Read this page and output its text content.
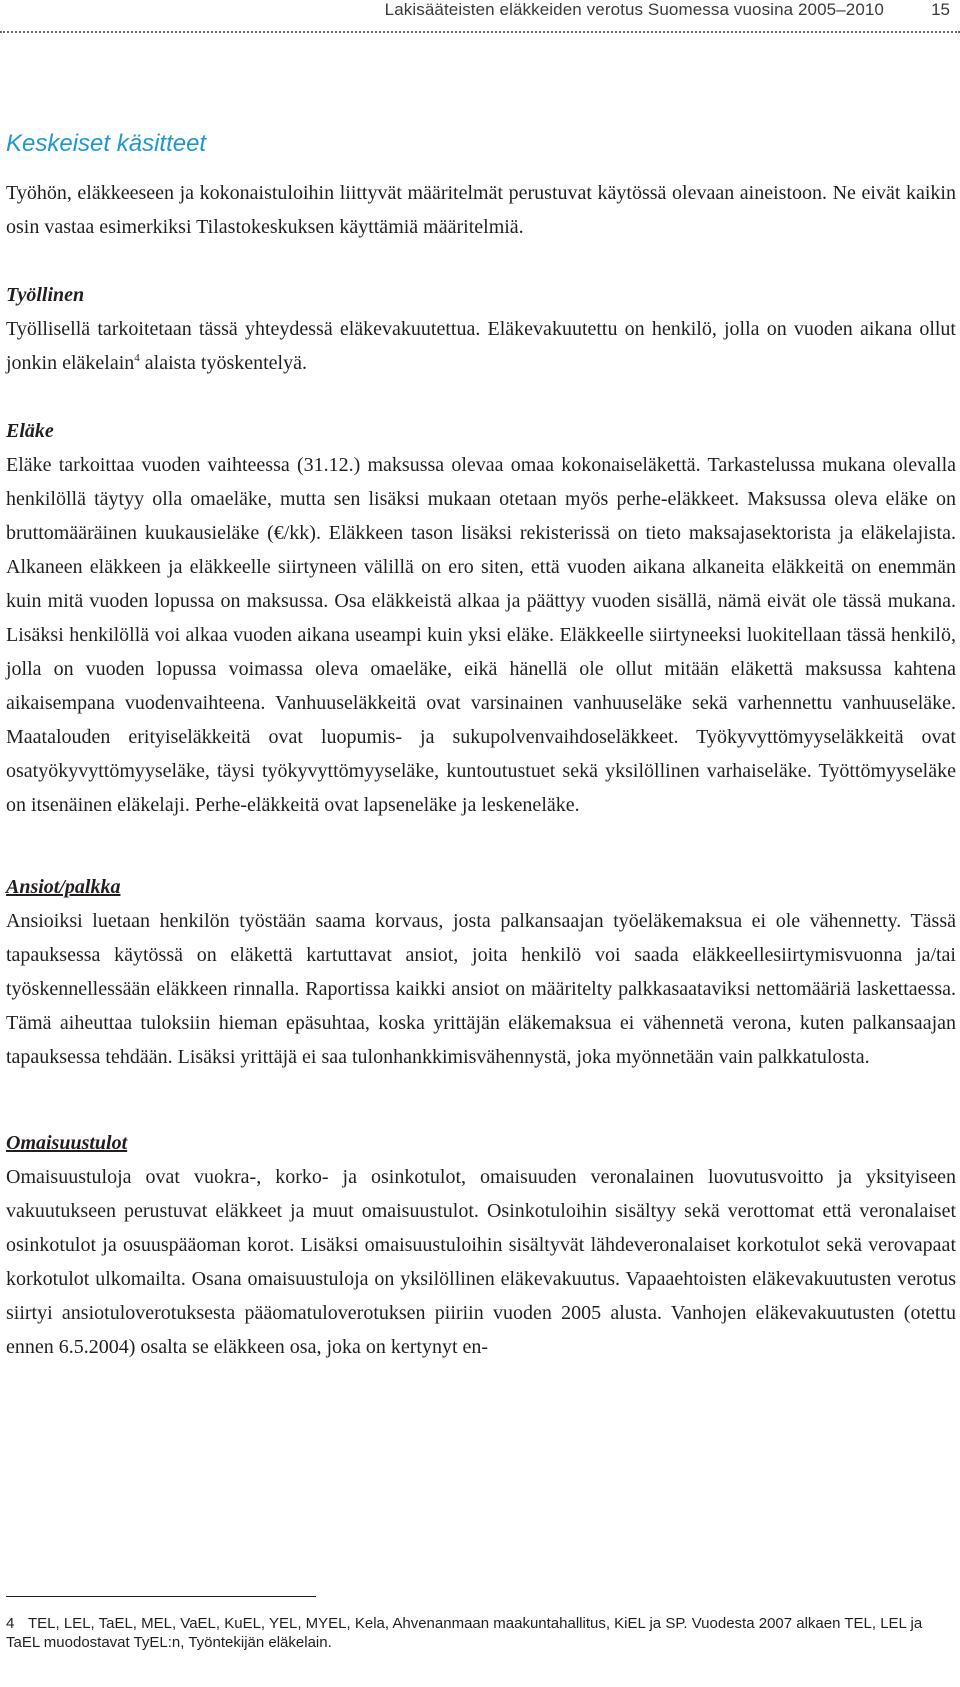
Lakisääteisten eläkkeiden verotus Suomessa vuosina 2005–2010	15
Keskeiset käsitteet

Työhön, eläkkeeseen ja kokonaistuloihin liittyvät määritelmät perustuvat käytössä olevaan aineistoon. Ne eivät kaikin osin vastaa esimerkiksi Tilastokeskuksen käyttämiä määritelmiä.

Työllinen

Työllisellä tarkoitetaan tässä yhteydessä eläkevakuutettua. Eläkevakuutettu on henkilö, jolla on vuoden aikana ollut jonkin eläkelain$^4$ alaista työskentelyä.

Eläke

Eläke tarkoittaa vuoden vaihteessa (31.12.) maksussa olevaa omaa kokonaiseläkettä. Tarkastelussa mukana olevalla henkilöllä täytyy olla omaeläke, mutta sen lisäksi mukaan otetaan myös perhe-eläkkeet. Maksussa oleva eläke on bruttomääräinen kuukausieläke (€/kk). Eläkkeen tason lisäksi rekisterissä on tieto maksajasektorista ja eläkelajista. Alkaneen eläkkeen ja eläkkeelle siirtyneen välillä on ero siten, että vuoden aikana alkaneita eläkkeitä on enemmän kuin mitä vuoden lopussa on maksussa. Osa eläkkeistä alkaa ja päättyy vuoden sisällä, nämä eivät ole tässä mukana. Lisäksi henkilöllä voi alkaa vuoden aikana useampi kuin yksi eläke. Eläkkeelle siirtyneeksi luokitellaan tässä henkilö, jolla on vuoden lopussa voimassa oleva omaeläke, eikä hänellä ole ollut mitään eläkettä maksussa kahtena aikaisempana vuodenvaihteena. Vanhuuseläkkeitä ovat varsinainen vanhuuseläke sekä varhennettu vanhuuseläke. Maatalouden erityiseläkkeitä ovat luopumis- ja sukupolvenvaihdoseläkkeet. Työkyvyttömyyseläkkeitä ovat osatyökyvyttömyyseläke, täysi työkyvyttömyyseläke, kuntoutustuet sekä yksilöllinen varhaiseläke. Työttömyyseläke on itsenäinen eläkelaji. Perhe-eläkkeitä ovat lapseneläke ja leskeneläke.

Ansiot/palkka

Ansioiksi luetaan henkilön työstään saama korvaus, josta palkansaajan työeläkemaksua ei ole vähennetty. Tässä tapauksessa käytössä on eläkettä kartuttavat ansiot, joita henkilö voi saada eläkkeellesiirtymisvuonna ja/tai työskennellessään eläkkeen rinnalla. Raportissa kaikki ansiot on määritelty palkkasaataviksi nettomääriä laskettaessa. Tämä aiheuttaa tuloksiin hieman epäsuhtaa, koska yrittäjän eläkemaksua ei vähennetä verona, kuten palkansaajan tapauksessa tehdään. Lisäksi yrittäjä ei saa tulonhankkimisvähennystä, joka myönnetään vain palkkatulosta.

Omaisuustulot

Omaisuustuloja ovat vuokra-, korko- ja osinkotulot, omaisuuden veronalainen luovutusvoitto ja yksityiseen vakuutukseen perustuvat eläkkeet ja muut omaisuustulot. Osinkotuloihin sisältyy sekä verottomat että veronalaiset osinkotulot ja osuuspääoman korot. Lisäksi omaisuustuloihin sisältyvät lähdeveronalaiset korkotulot sekä verovapaat korkotulot ulkomailta. Osana omaisuustuloja on yksilöllinen eläkevakuutus. Vapaaehtoisten eläkevakuutusten verotus siirtyi ansiotuloverotuksesta pääomatuloverotuksen piiriin vuoden 2005 alusta. Vanhojen eläkevakuutusten (otettu ennen 6.5.2004) osalta se eläkkeen osa, joka on kertynyt en-

4 TEL, LEL, TaEL, MEL, VaEL, KuEL, YEL, MYEL, Kela, Ahvenanmaan maakuntahallitus, KiEL ja SP. Vuodesta 2007 alkaen TEL, LEL ja TaEL muodostavat TyEL:n, Työntekijän eläkelain.
